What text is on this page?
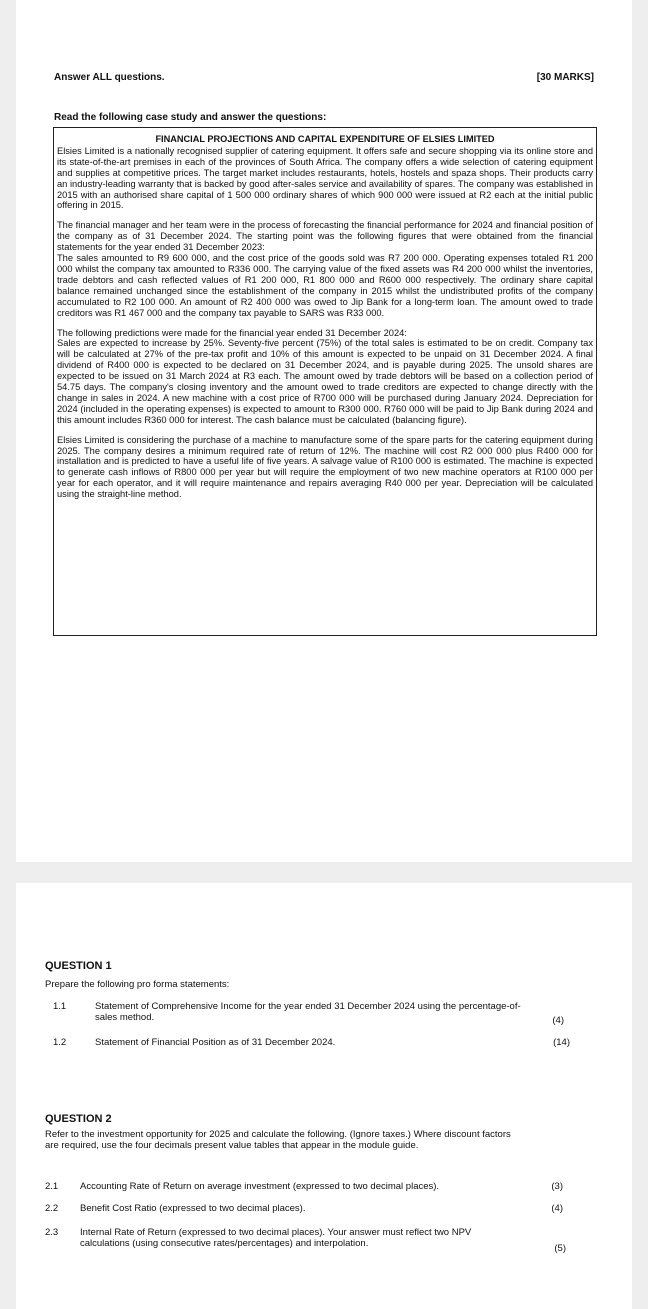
Answer ALL questions.	[30 MARKS]

Read the following case study and answer the questions:

FINANCIAL PROJECTIONS AND CAPITAL EXPENDITURE OF ELSIES LIMITED

Elsies Limited is a nationally recognised supplier of catering equipment. It offers safe and secure shopping via its online store and its state-of-the-art premises in each of the provinces of South Africa. The company offers a wide selection of catering equipment and supplies at competitive prices. The target market includes restaurants, hotels, hostels and spaza shops. Their products carry an industry-leading warranty that is backed by good after-sales service and availability of spares. The company was established in 2015 with an authorised share capital of 1 500 000 ordinary shares of which 900 000 were issued at R2 each at the initial public offering in 2015.

The financial manager and her team were in the process of forecasting the financial performance for 2024 and financial position of the company as of 31 December 2024. The starting point was the following figures that were obtained from the financial statements for the year ended 31 December 2023:
The sales amounted to R9 600 000, and the cost price of the goods sold was R7 200 000. Operating expenses totaled R1 200 000 whilst the company tax amounted to R336 000. The carrying value of the fixed assets was R4 200 000 whilst the inventories, trade debtors and cash reflected values of R1 200 000, R1 800 000 and R600 000 respectively. The ordinary share capital balance remained unchanged since the establishment of the company in 2015 whilst the undistributed profits of the company accumulated to R2 100 000. An amount of R2 400 000 was owed to Jip Bank for a long-term loan. The amount owed to trade creditors was R1 467 000 and the company tax payable to SARS was R33 000.

The following predictions were made for the financial year ended 31 December 2024:
Sales are expected to increase by 25%. Seventy-five percent (75%) of the total sales is estimated to be on credit. Company tax will be calculated at 27% of the pre-tax profit and 10% of this amount is expected to be unpaid on 31 December 2024. A final dividend of R400 000 is expected to be declared on 31 December 2024, and is payable during 2025. The unsold shares are expected to be issued on 31 March 2024 at R3 each. The amount owed by trade debtors will be based on a collection period of 54.75 days. The company's closing inventory and the amount owed to trade creditors are expected to change directly with the change in sales in 2024. A new machine with a cost price of R700 000 will be purchased during January 2024. Depreciation for 2024 (included in the operating expenses) is expected to amount to R300 000. R760 000 will be paid to Jip Bank during 2024 and this amount includes R360 000 for interest. The cash balance must be calculated (balancing figure).

Elsies Limited is considering the purchase of a machine to manufacture some of the spare parts for the catering equipment during 2025. The company desires a minimum required rate of return of 12%. The machine will cost R2 000 000 plus R400 000 for installation and is predicted to have a useful life of five years. A salvage value of R100 000 is estimated. The machine is expected to generate cash inflows of R800 000 per year but will require the employment of two new machine operators at R100 000 per year for each operator, and it will require maintenance and repairs averaging R40 000 per year. Depreciation will be calculated using the straight-line method.

QUESTION 1

Prepare the following pro forma statements:

1.1	Statement of Comprehensive Income for the year ended 31 December 2024 using the percentage-of-sales method.	(4)

1.2	Statement of Financial Position as of 31 December 2024.	(14)

QUESTION 2

Refer to the investment opportunity for 2025 and calculate the following. (Ignore taxes.) Where discount factors are required, use the four decimals present value tables that appear in the module guide.

2.1 Accounting Rate of Return on average investment (expressed to two decimal places).	(3)

2.2 Benefit Cost Ratio (expressed to two decimal places).	(4)

2.3 Internal Rate of Return (expressed to two decimal places). Your answer must reflect two NPV calculations (using consecutive rates/percentages) and interpolation.	(5)
